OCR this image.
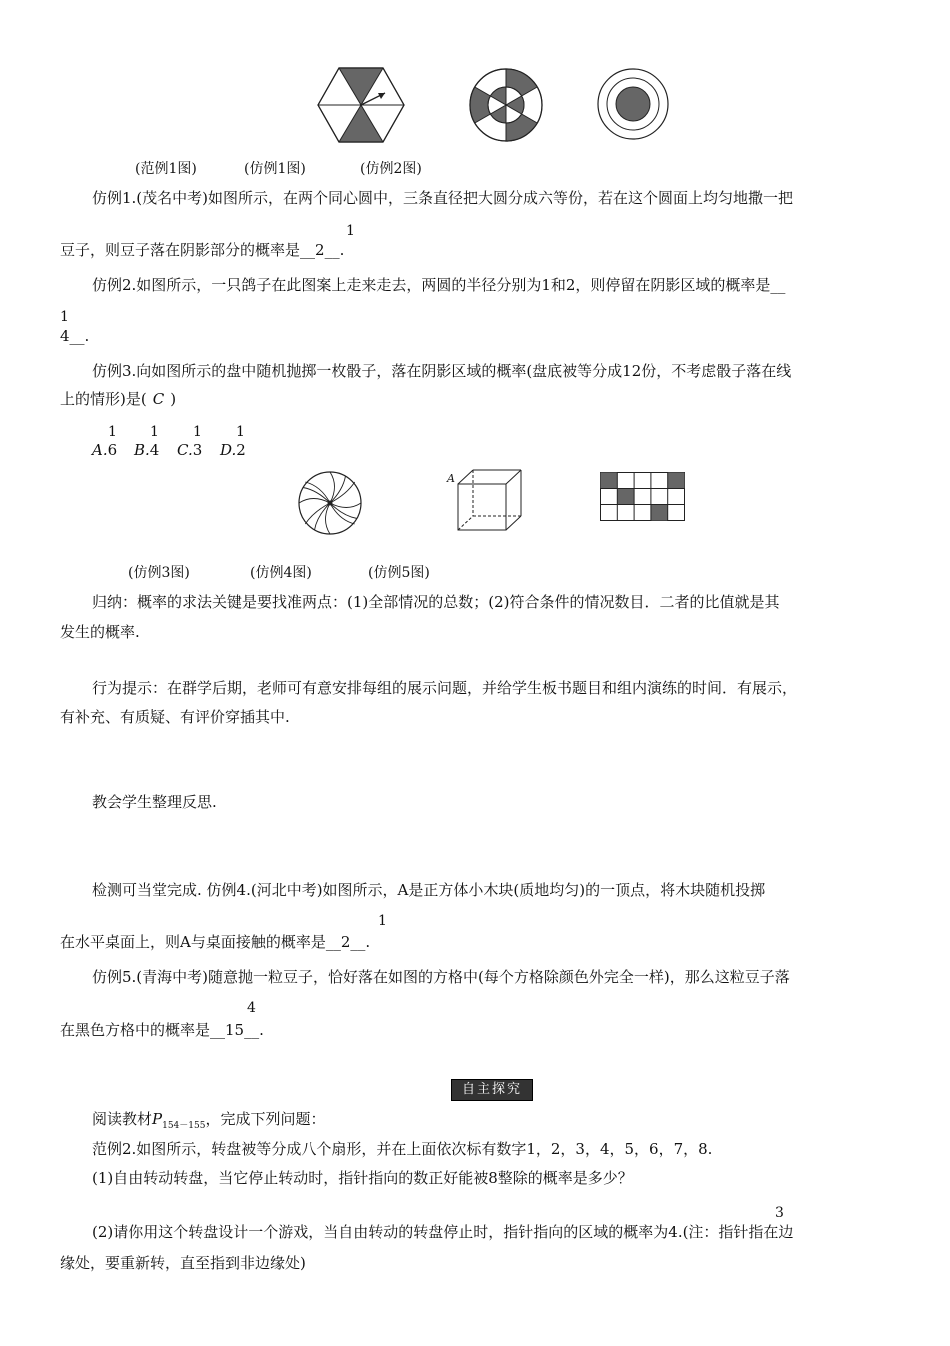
(范例1图)	(仿例1图)	(仿例2图)
仿例1.(茂名中考)如图所示，在两个同心圆中，三条直径把大圆分成六等份，若在这个圆面上均匀地撒一把
豆子，则豆子落在阴影部分的概率是__2__.
1
仿例2.如图所示，一只鸽子在此图案上走来走去，两圆的半径分别为1和2，则停留在阴影区域的概率是__
1
4__.
仿例3.向如图所示的盘中随机抛掷一枚骰子，落在阴影区域的概率(盘底被等分成12份，不考虑骰子落在线
上的情形)是( C )
1
A.6
1
B.4
1
C.3
1
D.2
A
(仿例3图)	(仿例4图)	(仿例5图)
归纳：概率的求法关键是要找准两点：(1)全部情况的总数；(2)符合条件的情况数目．二者的比值就是其
发生的概率.
行为提示：在群学后期，老师可有意安排每组的展示问题，并给学生板书题目和组内演练的时间．有展示，
有补充、有质疑、有评价穿插其中.
教会学生整理反思.
检测可当堂完成. 仿例4.(河北中考)如图所示，A是正方体小木块(质地均匀)的一顶点，将木块随机投掷
1
在水平桌面上，则A与桌面接触的概率是__2__.
仿例5.(青海中考)随意抛一粒豆子，恰好落在如图的方格中(每个方格除颜色外完全一样)，那么这粒豆子落
4
在黑色方格中的概率是__15__.
自主探究
阅读教材$P_{154-155}$，完成下列问题：
范例2.如图所示，转盘被等分成八个扇形，并在上面依次标有数字1，2，3，4，5，6，7，8.
(1)自由转动转盘，当它停止转动时，指针指向的数正好能被8整除的概率是多少？
3
(2)请你用这个转盘设计一个游戏，当自由转动的转盘停止时，指针指向的区域的概率为4.(注：指针指在边
缘处，要重新转，直至指到非边缘处)
